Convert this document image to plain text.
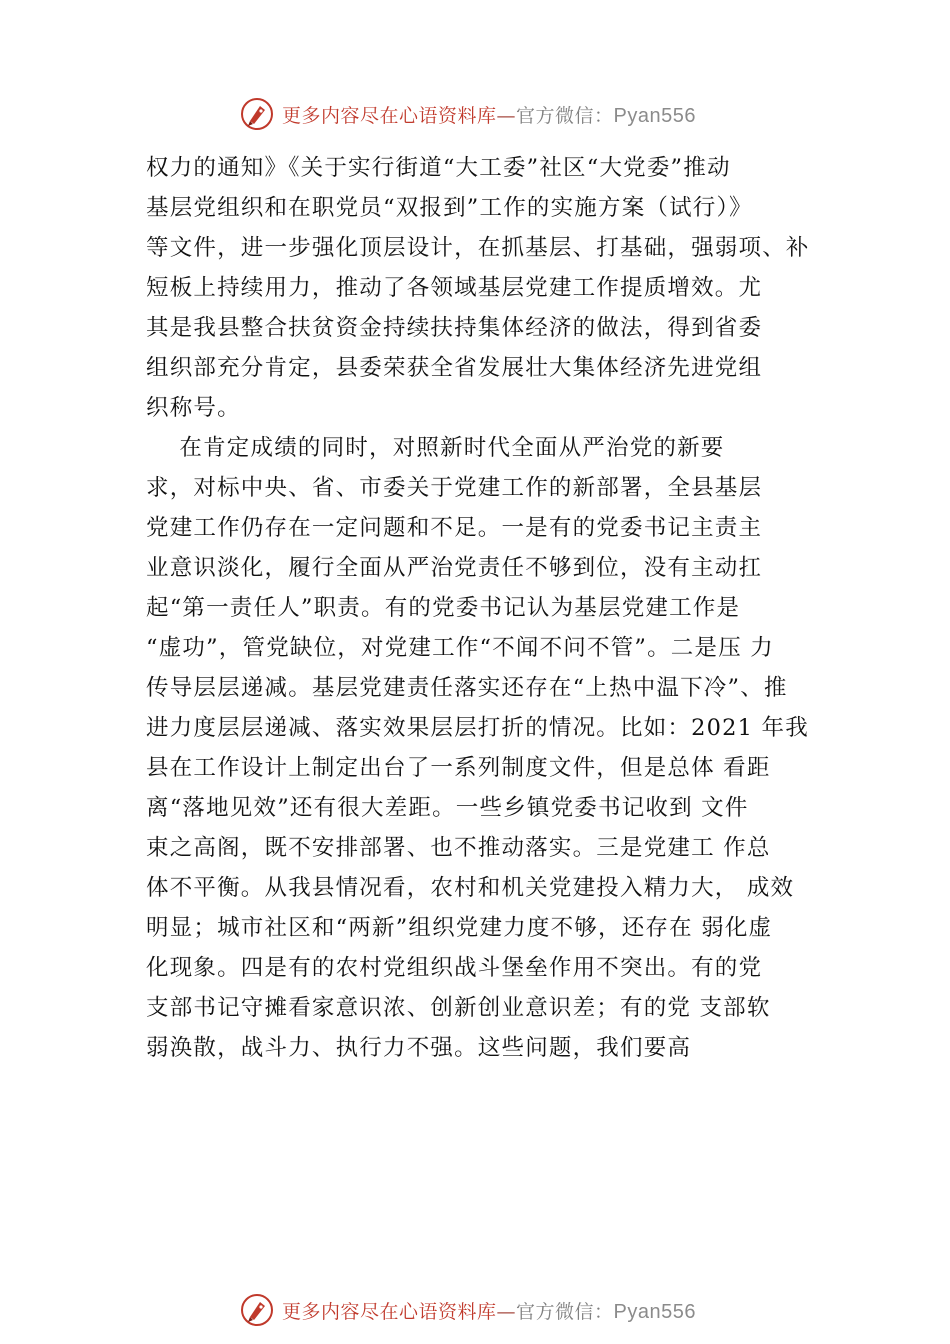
更多内容尽在心语资料库—官方微信：Pyan556
权力的通知》《关于实行街道“大工委”社区“大党委”推动
基层党组织和在职党员“双报到”工作的实施方案（试行）》
等文件，进一步强化顶层设计，在抓基层、打基础，强弱项、补
短板上持续用力，推动了各领域基层党建工作提质增效。尤
其是我县整合扶贫资金持续扶持集体经济的做法，得到省委
组织部充分肯定，县委荣获全省发展壮大集体经济先进党组
织称号。
在肯定成绩的同时，对照新时代全面从严治党的新要
求，对标中央、省、市委关于党建工作的新部署，全县基层
党建工作仍存在一定问题和不足。一是有的党委书记主责主
业意识淡化，履行全面从严治党责任不够到位，没有主动扛
起“第一责任人”职责。有的党委书记认为基层党建工作是
“虚功”，管党缺位，对党建工作“不闻不问不管”。二是压 力
传导层层递减。基层党建责任落实还存在“上热中温下冷”、推
进力度层层递减、落实效果层层打折的情况。比如：2021 年我
县在工作设计上制定出台了一系列制度文件，但是总体 看距
离“落地见效”还有很大差距。一些乡镇党委书记收到 文件
束之高阁，既不安排部署、也不推动落实。三是党建工 作总
体不平衡。从我县情况看，农村和机关党建投入精力大， 成效
明显；城市社区和“两新”组织党建力度不够，还存在 弱化虚
化现象。四是有的农村党组织战斗堡垒作用不突出。有的党
支部书记守摊看家意识浓、创新创业意识差；有的党 支部软
弱涣散，战斗力、执行力不强。这些问题，我们要高
更多内容尽在心语资料库—官方微信：Pyan556
